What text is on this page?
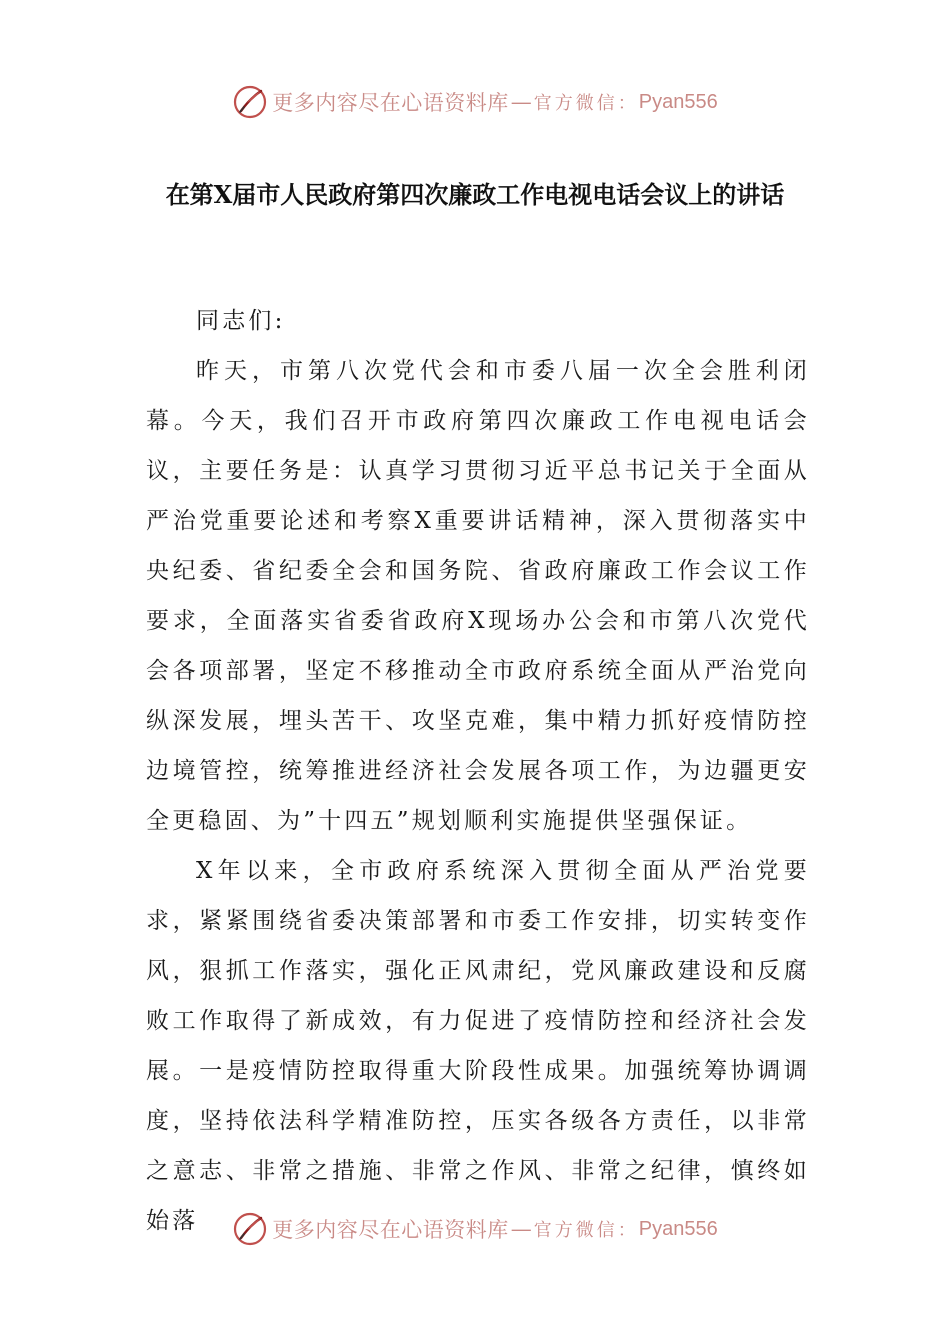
更多内容尽在心语资料库 — 官方微信： Pyan556
在第X届市人民政府第四次廉政工作电视电话会议上的讲话

同志们:

昨天，市第八次党代会和市委八届一次全会胜利闭幕。今天，我们召开市政府第四次廉政工作电视电话会议，主要任务是：认真学习贯彻习近平总书记关于全面从严治党重要论述和考察X重要讲话精神，深入贯彻落实中央纪委、省纪委全会和国务院、省政府廉政工作会议工作要求，全面落实省委省政府X现场办公会和市第八次党代会各项部署，坚定不移推动全市政府系统全面从严治党向纵深发展，埋头苦干、攻坚克难，集中精力抓好疫情防控边境管控，统筹推进经济社会发展各项工作，为边疆更安全更稳固、为”十四五”规划顺利实施提供坚强保证。

X年以来，全市政府系统深入贯彻全面从严治党要求，紧紧围绕省委决策部署和市委工作安排，切实转变作风，狠抓工作落实，强化正风肃纪，党风廉政建设和反腐败工作取得了新成效，有力促进了疫情防控和经济社会发展。一是疫情防控取得重大阶段性成果。加强统筹协调调度，坚持依法科学精准防控，压实各级各方责任，以非常之意志、非常之措施、非常之作风、非常之纪律，慎终如始落	更多内容尽在心语资料库 — 官方微信： Pyan556
